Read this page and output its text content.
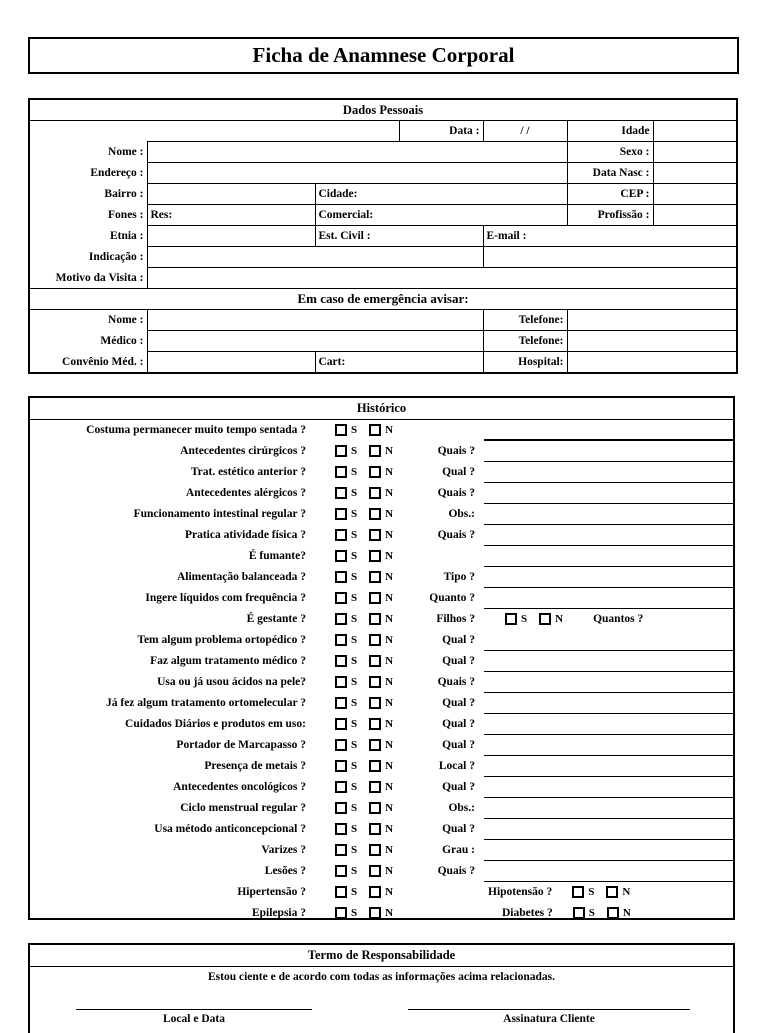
Ficha de Anamnese Corporal
Dados Pessoais						
			Data :	/ /	Idade	
Nome :					Sexo :	
Endereço :					Data Nasc :	
Bairro :		Cidade:			CEP :	
Fones :	Res:	Comercial:			Profissão :	
Etnia :		Est. Civil :		E-mail :		
Indicação :						
Motivo da Visita :						
Em caso de emergência avisar:						
Nome :				Telefone:		
Médico :				Telefone:		
Convênio Méd. :		Cart:		Hospital:		
Histórico
Costuma permanecer muito tempo sentada ?	S	N
Antecedentes cirúrgicos ?	S	N	Quais ?
Trat. estético anterior ?	S	N	Qual ?
Antecedentes alérgicos ?	S	N	Quais ?
Funcionamento intestinal regular ?	S	N	Obs.:
Pratica atividade física ?	S	N	Quais ?
É fumante?	S	N
Alimentação balanceada ?	S	N	Tipo ?
Ingere líquidos com frequência ?	S	N	Quanto ?
É gestante ?	S	N	Filhos ?	S	N	Quantos ?
Tem algum problema ortopédico ?	S	N	Qual ?
Faz algum tratamento médico ?	S	N	Qual ?
Usa ou já usou ácidos na pele?	S	N	Quais ?
Já fez algum tratamento ortomelecular ?	S	N	Qual ?
Cuidados Diários e produtos em uso:	S	N	Qual ?
Portador de Marcapasso ?	S	N	Qual ?
Presença de metais ?	S	N	Local ?
Antecedentes oncológicos ?	S	N	Qual ?
Ciclo menstrual regular ?	S	N	Obs.:
Usa método anticoncepcional ?	S	N	Qual ?
Varizes ?	S	N	Grau :
Lesões ?	S	N	Quais ?
Hipertensão ?	S	N	Hipotensão ?	S	N
Epilepsia ?	S	N	Diabetes ?	S	N
Termo de Responsabilidade
Estou ciente e de acordo com todas as informações acima relacionadas.
Local e Data	Assinatura Cliente
